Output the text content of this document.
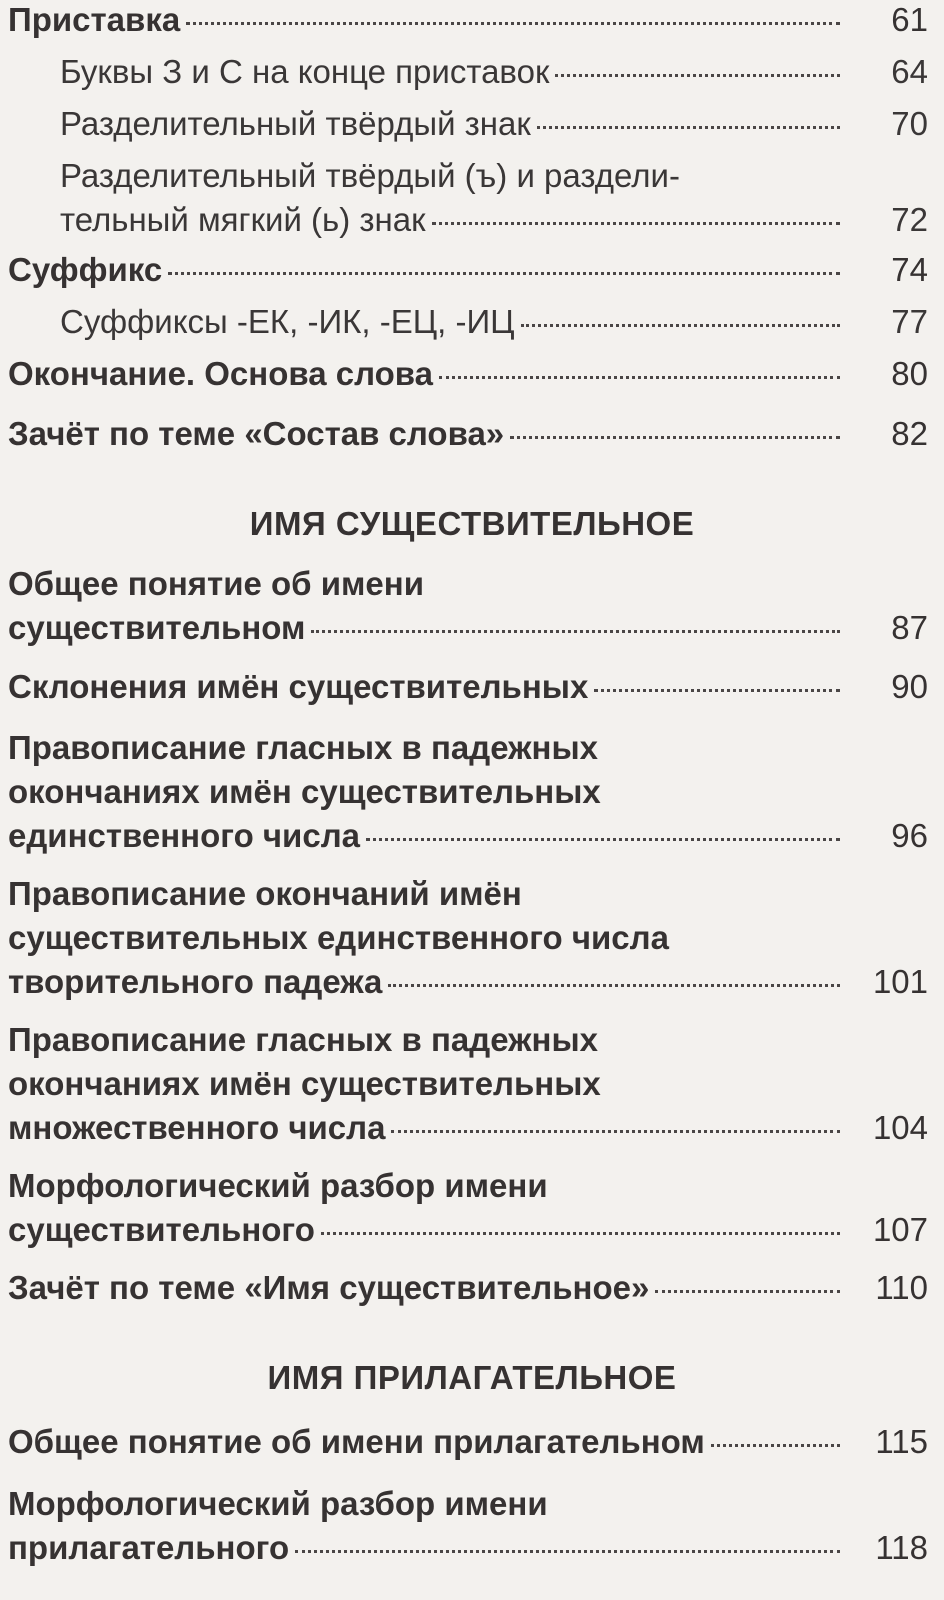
Приставка	61
Буквы З и С на конце приставок	64
Разделительный твёрдый знак	70
Разделительный твёрдый (ъ) и раздели-
тельный мягкий (ь) знак	72
Суффикс	74
Суффиксы -ЕК, -ИК, -ЕЦ, -ИЦ	77
Окончание. Основа слова	80
Зачёт по теме «Состав слова»	82
ИМЯ СУЩЕСТВИТЕЛЬНОЕ
Общее понятие об имени
существительном	87
Склонения имён существительных	90
Правописание гласных в падежных
окончаниях имён существительных
единственного числа	96
Правописание окончаний имён
существительных единственного числа
творительного падежа	101
Правописание гласных в падежных
окончаниях имён существительных
множественного числа	104
Морфологический разбор имени
существительного	107
Зачёт по теме «Имя существительное»	110
ИМЯ ПРИЛАГАТЕЛЬНОЕ
Общее понятие об имени прилагательном	115
Морфологический разбор имени
прилагательного	118
